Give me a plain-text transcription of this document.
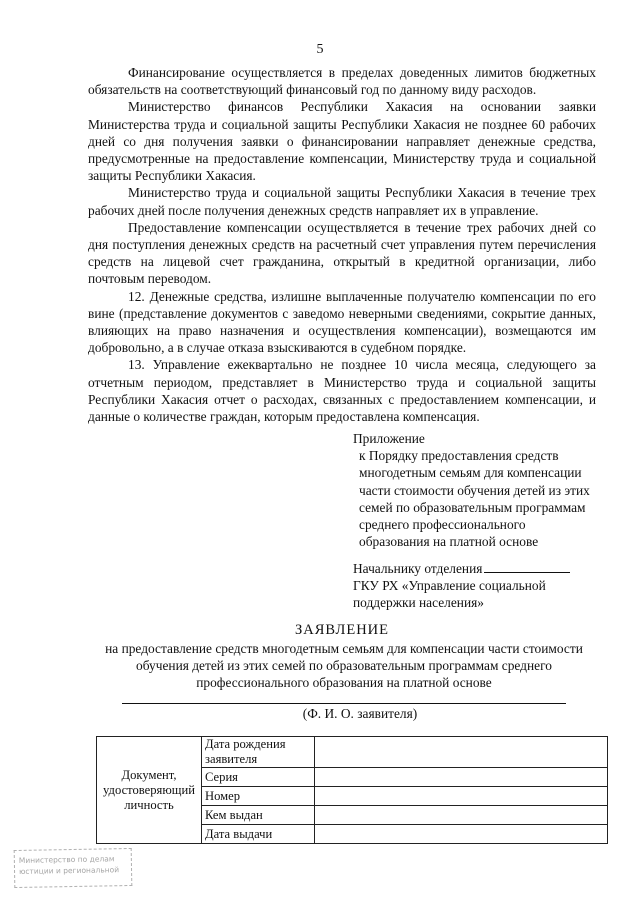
5

Финансирование осуществляется в пределах доведенных лимитов бюджетных обязательств на соответствующий финансовый год по данному виду расходов.

Министерство финансов Республики Хакасия на основании заявки Министерства труда и социальной защиты Республики Хакасия не позднее 60 рабочих дней со дня получения заявки о финансировании направляет денежные средства, предусмотренные на предоставление компенсации, Министерству труда и социальной защиты Республики Хакасия.

Министерство труда и социальной защиты Республики Хакасия в течение трех рабочих дней после получения денежных средств направляет их в управление.

Предоставление компенсации осуществляется в течение трех рабочих дней со дня поступления денежных средств на расчетный счет управления путем перечисления средств на лицевой счет гражданина, открытый в кредитной организации, либо почтовым переводом.

12. Денежные средства, излишне выплаченные получателю компенсации по его вине (представление документов с заведомо неверными сведениями, сокрытие данных, влияющих на право назначения и осуществления компенсации), возмещаются им добровольно, а в случае отказа взыскиваются в судебном порядке.

13. Управление ежеквартально не позднее 10 числа месяца, следующего за отчетным периодом, представляет в Министерство труда и социальной защиты Республики Хакасия отчет о расходах, связанных с предоставлением компенсации, и данные о количестве граждан, которым предоставлена компенсация.

Приложение
к Порядку предоставления средств
многодетным семьям для компенсации
части стоимости обучения детей из этих
семей по образовательным программам
среднего профессионального
образования на платной основе
Начальнику отделения
ГКУ РХ «Управление социальной
поддержки населения»
ЗАЯВЛЕНИЕ
на предоставление средств многодетным семьям для компенсации части стоимости обучения детей из этих семей по образовательным программам среднего профессионального образования на платной основе
(Ф. И. О. заявителя)
Документ, удостоверяющий личность	Дата рождения заявителя	
	Серия	
	Номер	
	Кем выдан	
	Дата выдачи	
Министерство по делам
юстиции и региональной
